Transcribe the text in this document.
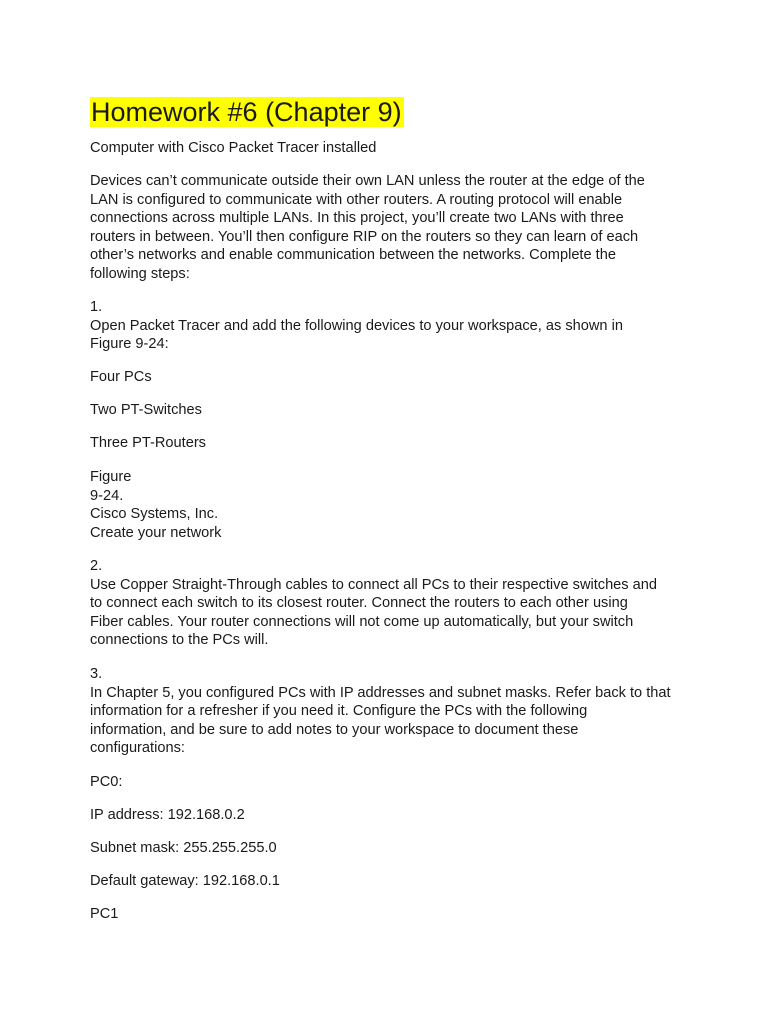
Homework #6 (Chapter 9)

Computer with Cisco Packet Tracer installed

Devices can’t communicate outside their own LAN unless the router at the edge of the
LAN is configured to communicate with other routers. A routing protocol will enable
connections across multiple LANs. In this project, you’ll create two LANs with three
routers in between. You’ll then configure RIP on the routers so they can learn of each
other’s networks and enable communication between the networks. Complete the
following steps:

1.
Open Packet Tracer and add the following devices to your workspace, as shown in
Figure 9-24:

Four PCs

Two PT-Switches

Three PT-Routers

Figure
9-24.
Cisco Systems, Inc.
Create your network

2.
Use Copper Straight-Through cables to connect all PCs to their respective switches and
to connect each switch to its closest router. Connect the routers to each other using
Fiber cables. Your router connections will not come up automatically, but your switch
connections to the PCs will.

3.
In Chapter 5, you configured PCs with IP addresses and subnet masks. Refer back to that
information for a refresher if you need it. Configure the PCs with the following
information, and be sure to add notes to your workspace to document these
configurations:

PC0:

IP address: 192.168.0.2

Subnet mask: 255.255.255.0

Default gateway: 192.168.0.1

PC1
